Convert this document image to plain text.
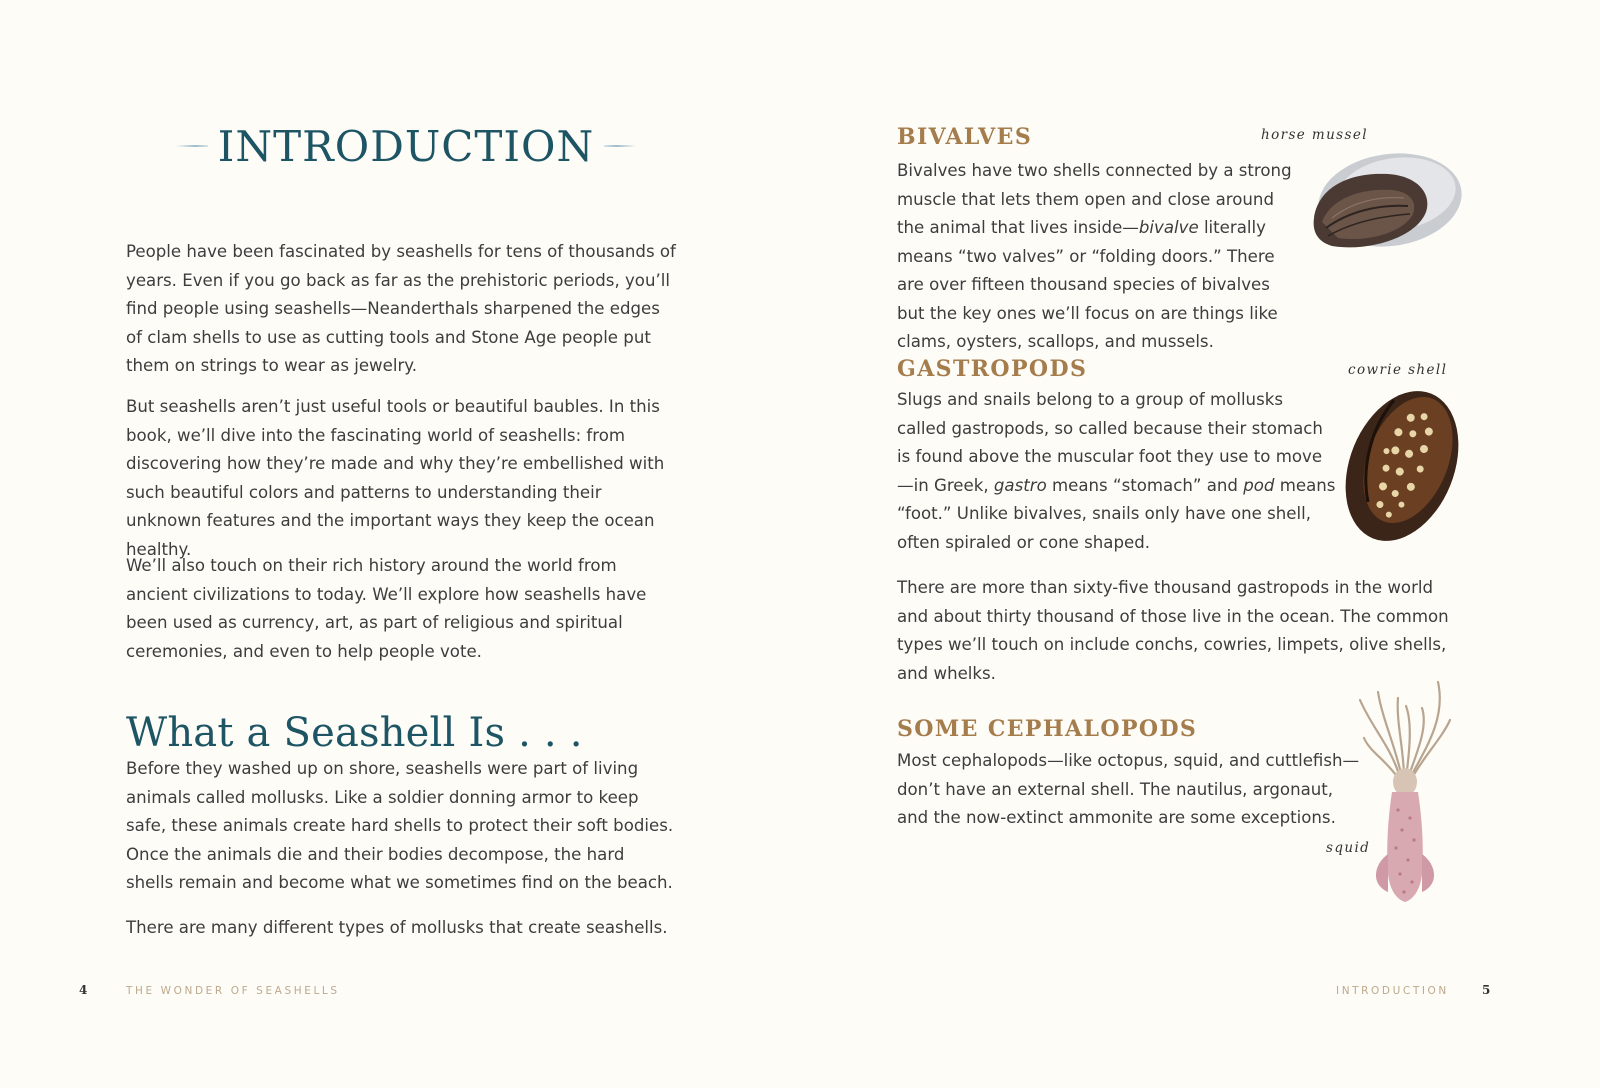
INTRODUCTION

People have been fascinated by seashells for tens of thousands of years. Even if you go back as far as the prehistoric periods, you’ll find people using seashells—Neanderthals sharpened the edges of clam shells to use as cutting tools and Stone Age people put them on strings to wear as jewelry.

But seashells aren’t just useful tools or beautiful baubles. In this book, we’ll dive into the fascinating world of seashells: from discovering how they’re made and why they’re embellished with such beautiful colors and patterns to understanding their unknown features and the important ways they keep the ocean healthy.

We’ll also touch on their rich history around the world from ancient civilizations to today. We’ll explore how seashells have been used as currency, art, as part of religious and spiritual ceremonies, and even to help people vote.

What a Seashell Is . . .

Before they washed up on shore, seashells were part of living animals called mollusks. Like a soldier donning armor to keep safe, these animals create hard shells to protect their soft bodies. Once the animals die and their bodies decompose, the hard shells remain and become what we sometimes find on the beach.

There are many different types of mollusks that create seashells.

4	THE WONDER OF SEASHELLS
BIVALVES	horse mussel

Bivalves have two shells connected by a strong muscle that lets them open and close around the animal that lives inside—bivalve literally means “two valves” or “folding doors.” There are over fifteen thousand species of bivalves but the key ones we’ll focus on are things like clams, oysters, scallops, and mussels.

GASTROPODS	cowrie shell

Slugs and snails belong to a group of mollusks called gastropods, so called because their stomach is found above the muscular foot they use to move—in Greek, gastro means “stomach” and pod means “foot.” Unlike bivalves, snails only have one shell, often spiraled or cone shaped.

There are more than sixty-five thousand gastropods in the world and about thirty thousand of those live in the ocean. The common types we’ll touch on include conchs, cowries, limpets, olive shells, and whelks.

SOME CEPHALOPODS

Most cephalopods—like octopus, squid, and cuttlefish—don’t have an external shell. The nautilus, argonaut, and the now-extinct ammonite are some exceptions.

squid
INTRODUCTION	5
